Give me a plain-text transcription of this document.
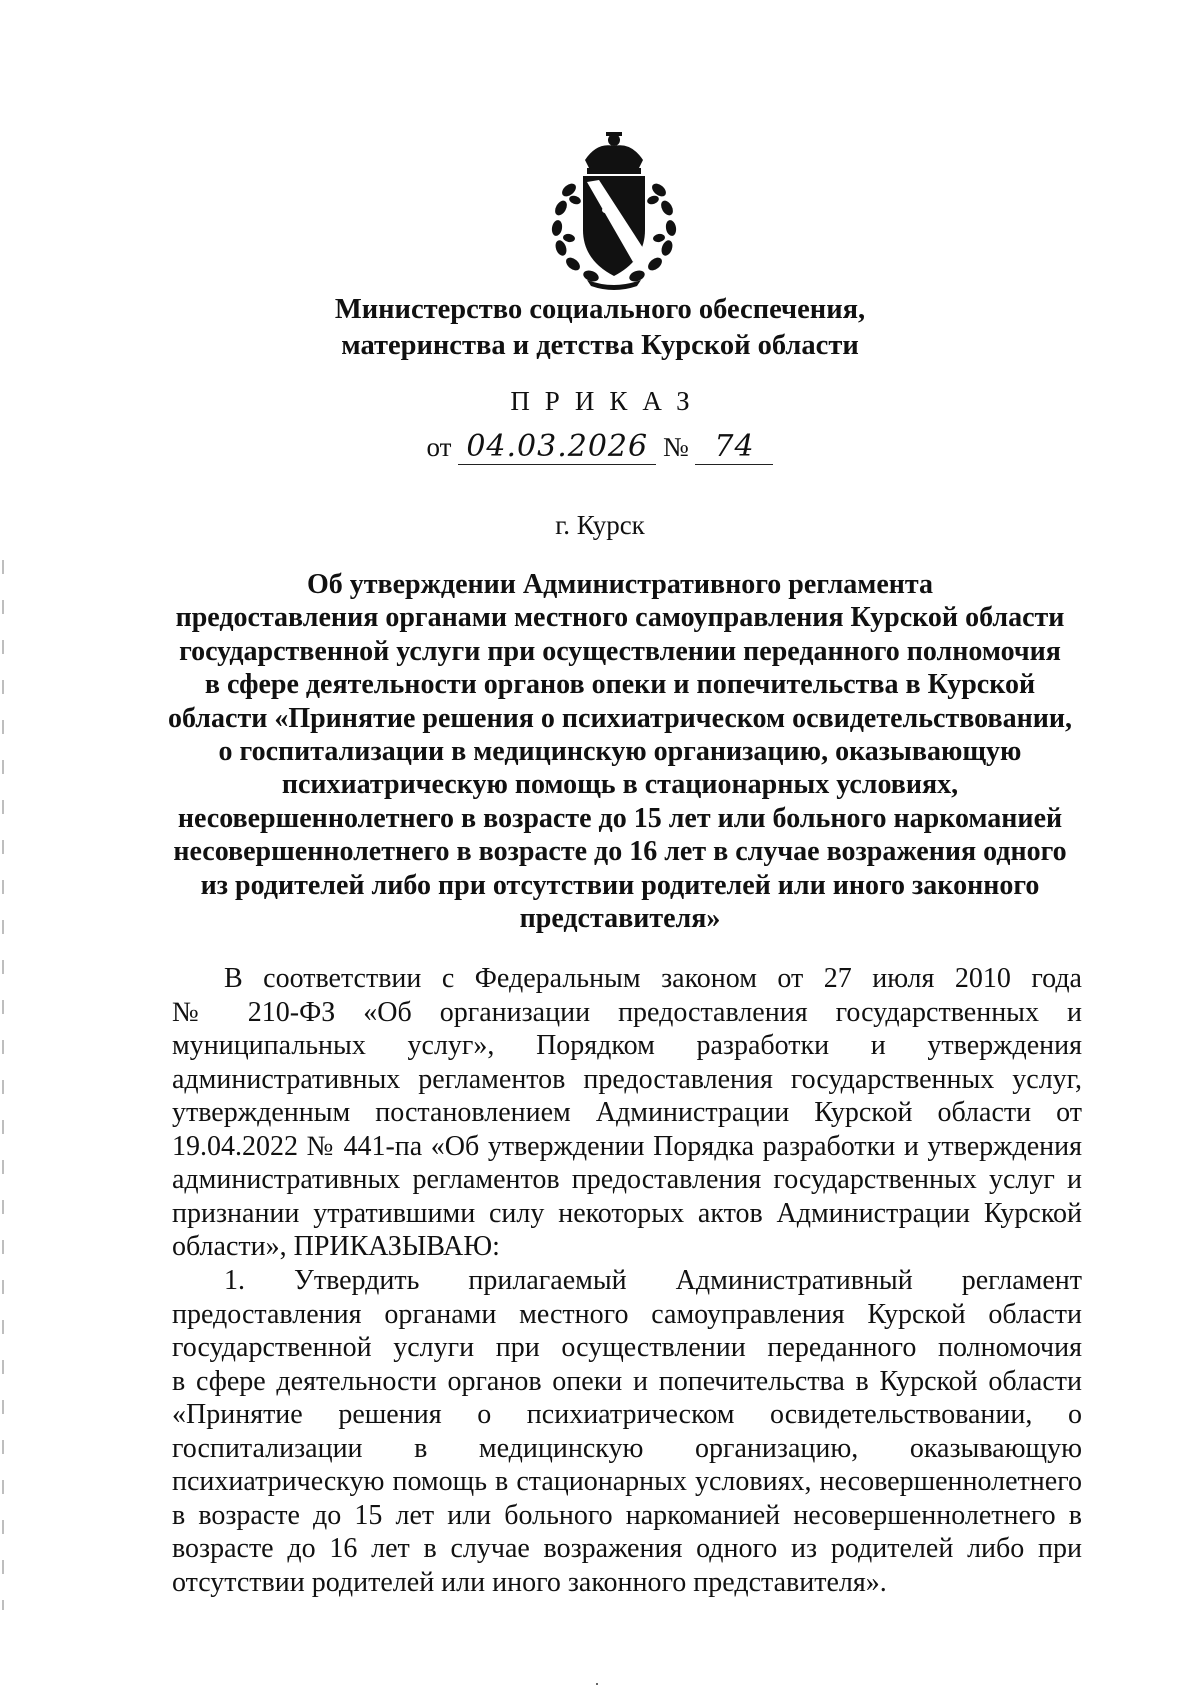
Министерство социального обеспечения,
материнства и детства Курской области
ПРИКАЗ
от 04.03.2026 № 74
г. Курск
Об утверждении Административного регламента
предоставления органами местного самоуправления Курской области
государственной услуги при осуществлении переданного полномочия
в сфере деятельности органов опеки и попечительства в Курской
области «Принятие решения о психиатрическом освидетельствовании,
о госпитализации в медицинскую организацию, оказывающую
психиатрическую помощь в стационарных условиях,
несовершеннолетнего в возрасте до 15 лет или больного наркоманией
несовершеннолетнего в возрасте до 16 лет в случае возражения одного
из родителей либо при отсутствии родителей или иного законного
представителя»
В соответствии с Федеральным законом от 27 июля 2010 года
№ 210-ФЗ «Об организации предоставления государственных и
муниципальных услуг», Порядком разработки и утверждения
административных регламентов предоставления государственных услуг,
утвержденным постановлением Администрации Курской области от
19.04.2022 № 441-па «Об утверждении Порядка разработки и утверждения
административных регламентов предоставления государственных услуг и
признании утратившими силу некоторых актов Администрации Курской
области», ПРИКАЗЫВАЮ:
1. Утвердить прилагаемый Административный регламент
предоставления органами местного самоуправления Курской области
государственной услуги при осуществлении переданного полномочия
в сфере деятельности органов опеки и попечительства в Курской области
«Принятие решения о психиатрическом освидетельствовании, о
госпитализации в медицинскую организацию, оказывающую
психиатрическую помощь в стационарных условиях, несовершеннолетнего
в возрасте до 15 лет или больного наркоманией несовершеннолетнего в
возрасте до 16 лет в случае возражения одного из родителей либо при
отсутствии родителей или иного законного представителя».
